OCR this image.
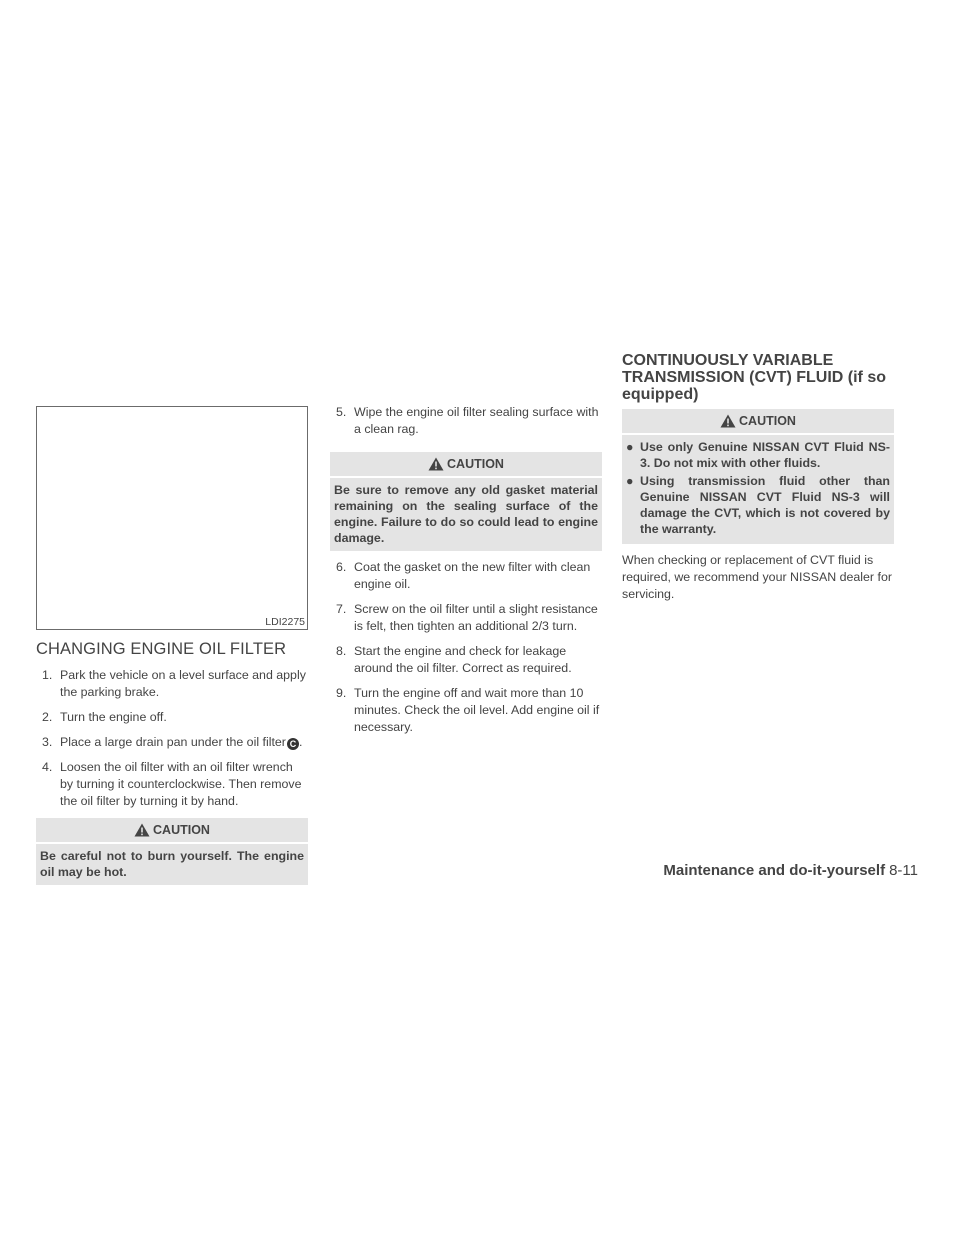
LDI2275
CHANGING ENGINE OIL FILTER
1. Park the vehicle on a level surface and apply the parking brake.
2. Turn the engine off.
3. Place a large drain pan under the oil filter  C .
4. Loosen the oil filter with an oil filter wrench by turning it counterclockwise. Then remove the oil filter by turning it by hand.
CAUTION
Be careful not to burn yourself. The engine oil may be hot.
5. Wipe the engine oil filter sealing surface with a clean rag.
CAUTION
Be sure to remove any old gasket material remaining on the sealing surface of the engine. Failure to do so could lead to engine damage.
6. Coat the gasket on the new filter with clean engine oil.
7. Screw on the oil filter until a slight resistance is felt, then tighten an additional 2/3 turn.
8. Start the engine and check for leakage around the oil filter. Correct as required.
9. Turn the engine off and wait more than 10 minutes. Check the oil level. Add engine oil if necessary.
CONTINUOUSLY VARIABLE TRANSMISSION (CVT) FLUID (if so equipped)
CAUTION
● Use only Genuine NISSAN CVT Fluid NS-3. Do not mix with other fluids.
● Using transmission fluid other than Genuine NISSAN CVT Fluid NS-3 will damage the CVT, which is not covered by the warranty.

When checking or replacement of CVT fluid is required, we recommend your NISSAN dealer for servicing.

Maintenance and do-it-yourself 8-11
